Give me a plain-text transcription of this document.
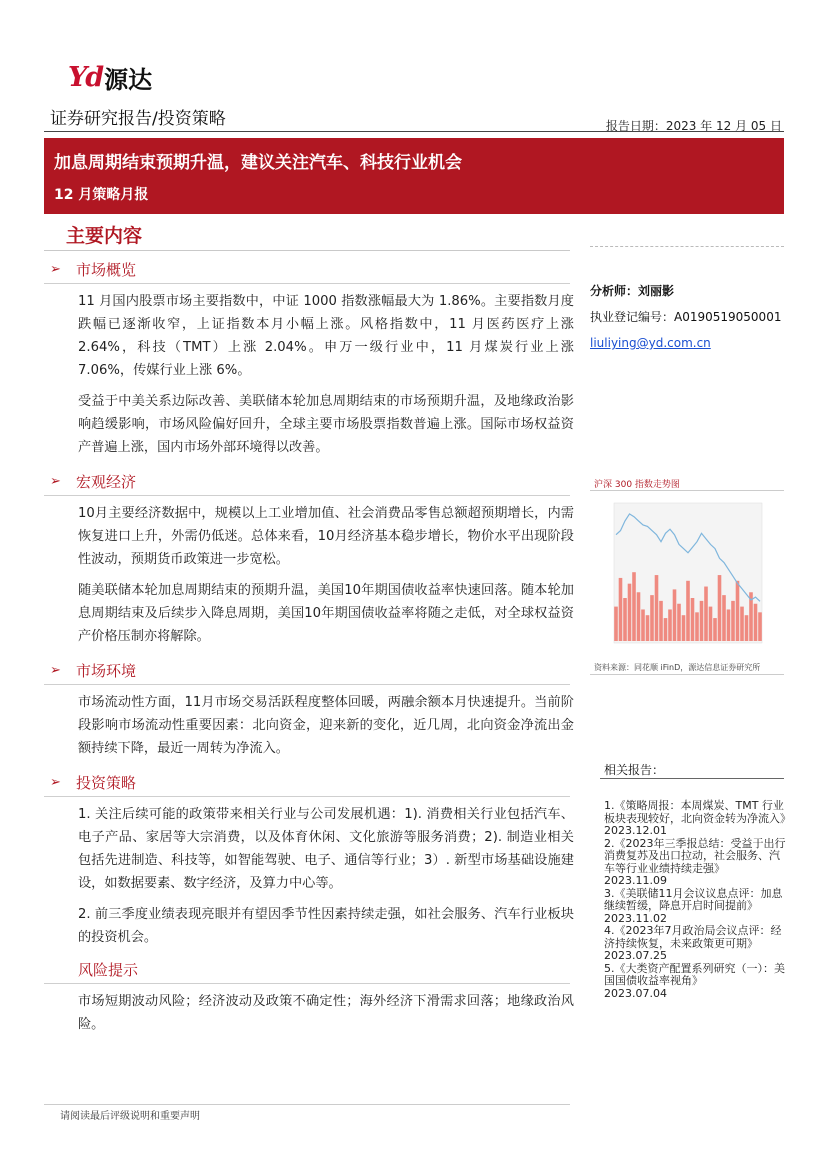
Yd 源达
证券研究报告/投资策略	报告日期：2023 年 12 月 05 日
加息周期结束预期升温，建议关注汽车、科技行业机会
12 月策略月报
主要内容
➢	市场概览

11 月国内股票市场主要指数中，中证 1000 指数涨幅最大为 1.86%。主要指数月度跌幅已逐渐收窄，上证指数本月小幅上涨。风格指数中，11 月医药医疗上涨 2.64%，科技（TMT）上涨 2.04%。申万一级行业中，11 月煤炭行业上涨 7.06%，传媒行业上涨 6%。

受益于中美关系边际改善、美联储本轮加息周期结束的市场预期升温，及地缘政治影响趋缓影响，市场风险偏好回升，全球主要市场股票指数普遍上涨。国际市场权益资产普遍上涨，国内市场外部环境得以改善。

➢	宏观经济

10月主要经济数据中，规模以上工业增加值、社会消费品零售总额超预期增长，内需恢复进口上升，外需仍低迷。总体来看，10月经济基本稳步增长，物价水平出现阶段性波动，预期货币政策进一步宽松。

随美联储本轮加息周期结束的预期升温，美国10年期国债收益率快速回落。随本轮加息周期结束及后续步入降息周期，美国10年期国债收益率将随之走低，对全球权益资产价格压制亦将解除。

➢	市场环境

市场流动性方面，11月市场交易活跃程度整体回暖，两融余额本月快速提升。当前阶段影响市场流动性重要因素：北向资金，迎来新的变化，近几周，北向资金净流出金额持续下降，最近一周转为净流入。

➢	投资策略

1. 关注后续可能的政策带来相关行业与公司发展机遇：1). 消费相关行业包括汽车、电子产品、家居等大宗消费，以及体育休闲、文化旅游等服务消费；2). 制造业相关包括先进制造、科技等，如智能驾驶、电子、通信等行业；3）. 新型市场基础设施建设，如数据要素、数字经济，及算力中心等。

2. 前三季度业绩表现亮眼并有望因季节性因素持续走强，如社会服务、汽车行业板块的投资机会。

风险提示

市场短期波动风险；经济波动及政策不确定性；海外经济下滑需求回落；地缘政治风险。

分析师：刘丽影
执业登记编号：A0190519050001
liuliying@yd.com.cn
沪深 300 指数走势图
资料来源：同花顺 iFinD，源达信息证券研究所
相关报告：
1.《策略周报：本周煤炭、TMT 行业板块表现较好，北向资金转为净流入》
2023.12.01
2.《2023年三季报总结：受益于出行消费复苏及出口拉动，社会服务、汽车等行业业绩持续走强》
2023.11.09
3.《美联储11月会议议息点评：加息继续暂缓，降息开启时间提前》
2023.11.02
4.《2023年7月政治局会议点评：经济持续恢复，未来政策更可期》
2023.07.25
5.《大类资产配置系列研究（一）：美国国债收益率视角》
2023.07.04
请阅读最后评级说明和重要声明
